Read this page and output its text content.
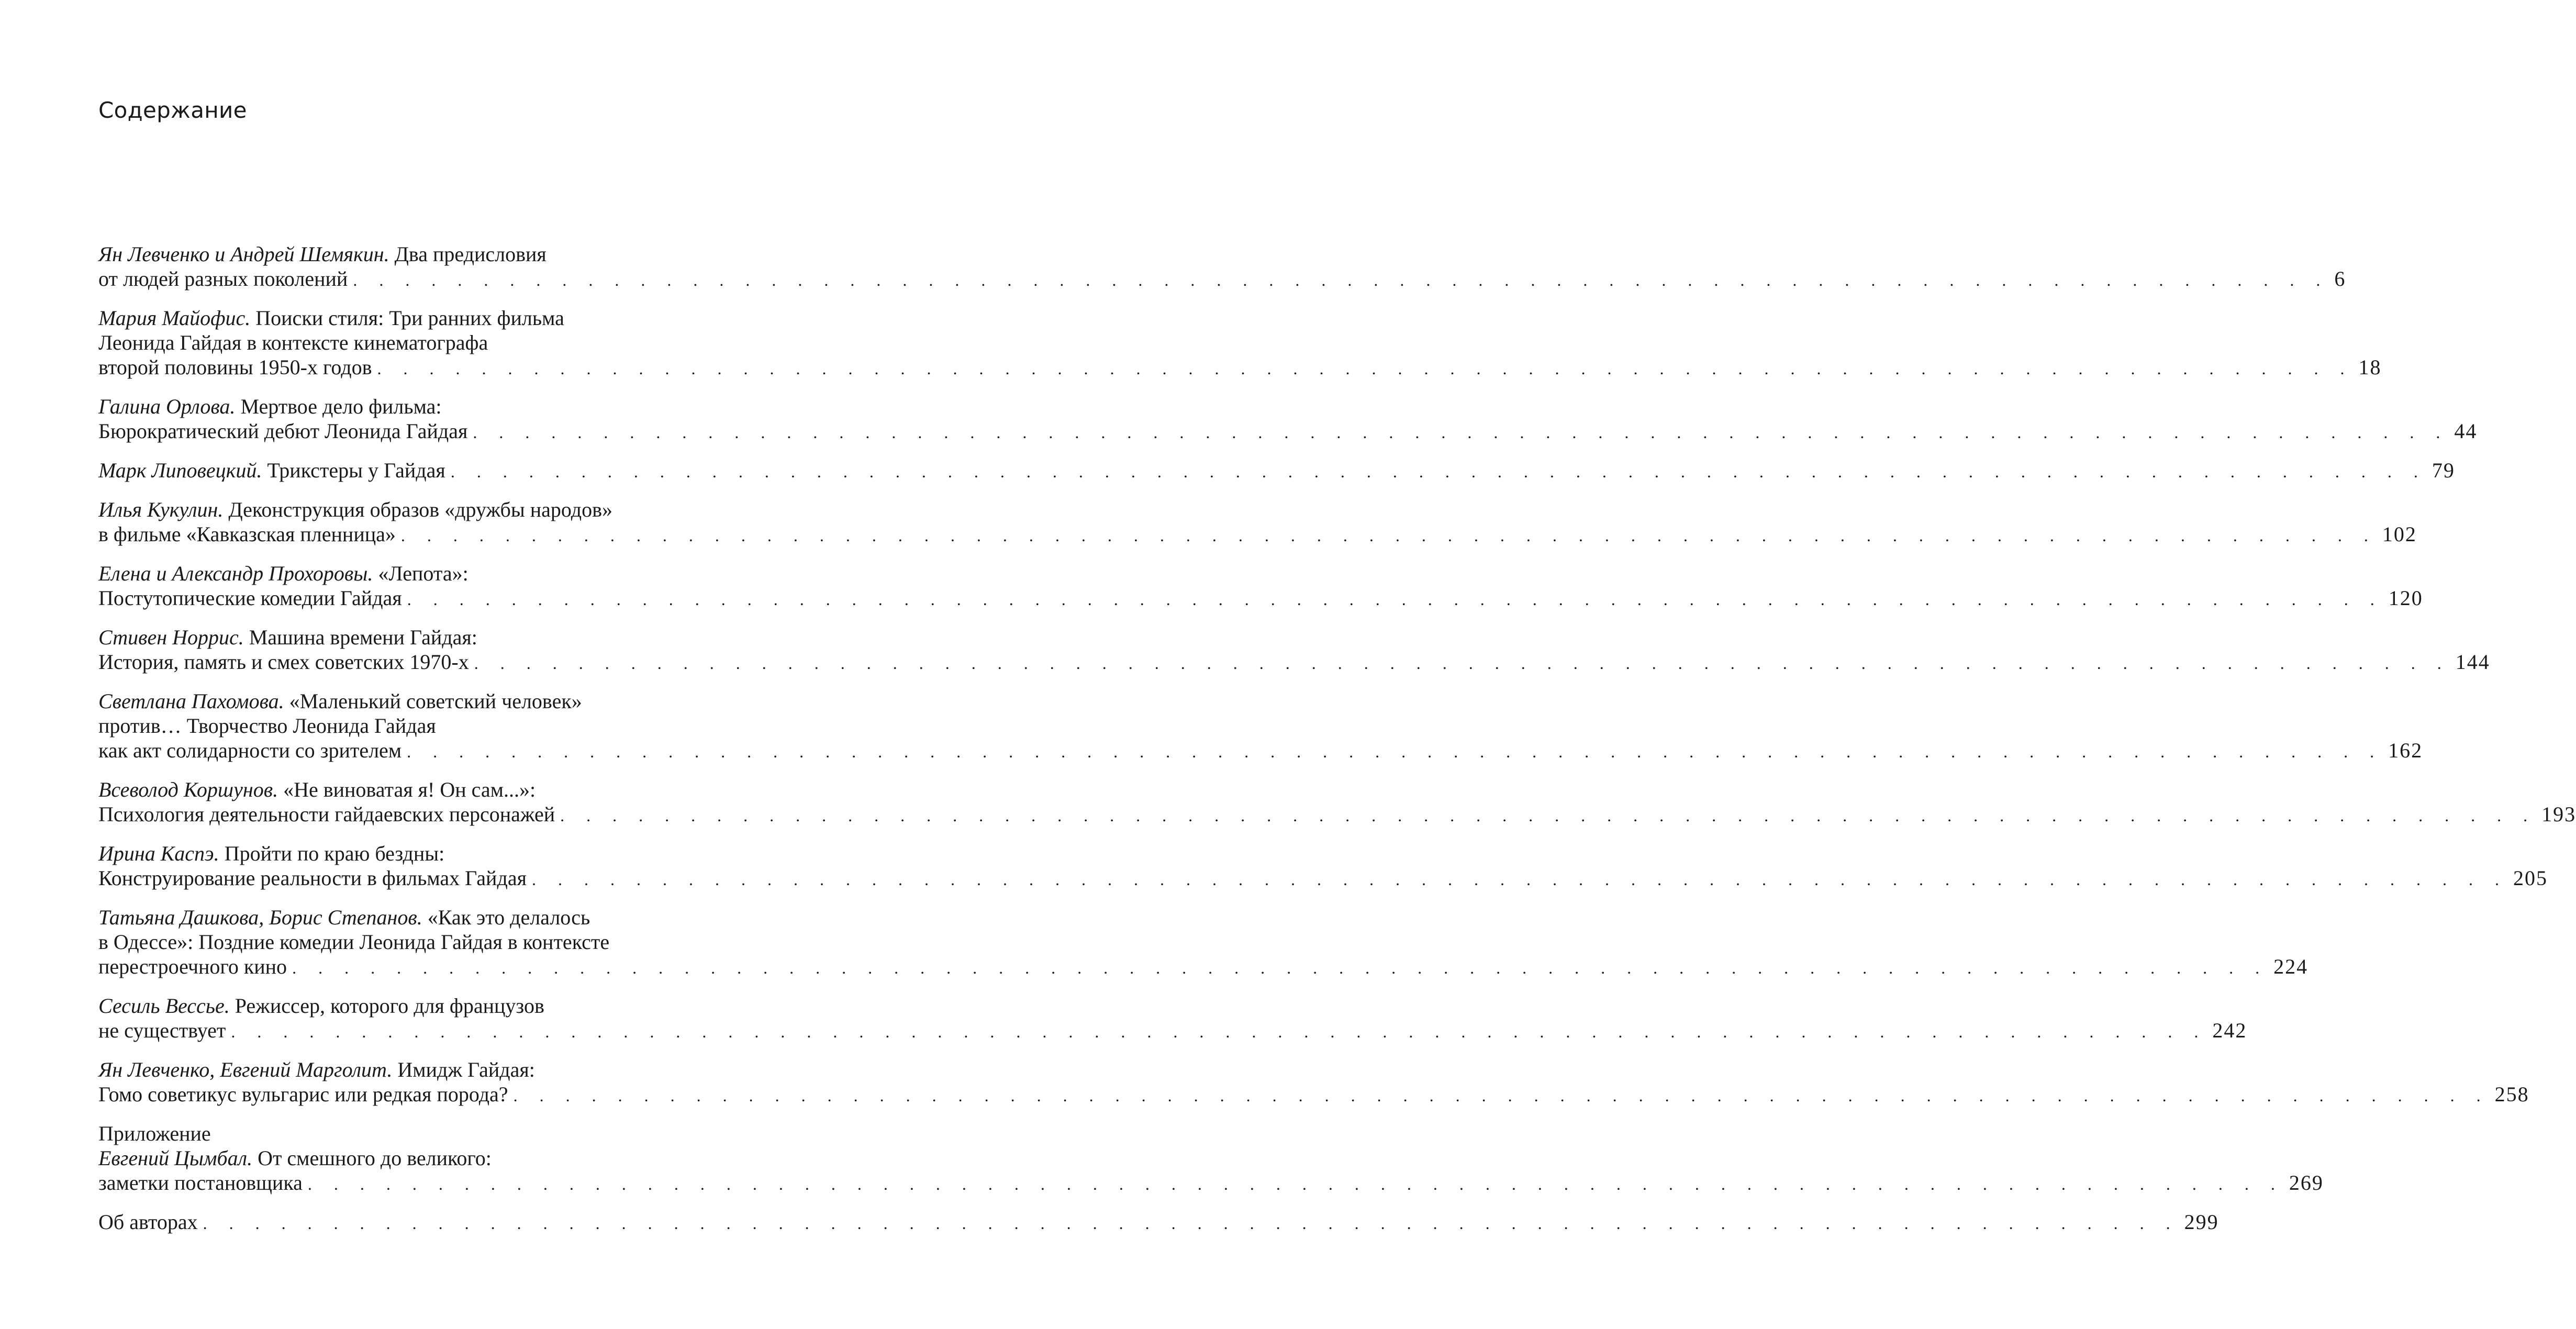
Содержание
Ян Левченко и Андрей Шемякин. Два предисловия
от людей разных поколений . . . . . . . . . . . . . . . . . . . . . . . . . . . . . . . . . . . . . . . . . . . . . . . . . . . . . . . . . . . . . . . . . . . . . . . . . . . . 6
Мария Майофис. Поиски стиля: Три ранних фильма
Леонида Гайдая в контексте кинематографа
второй половины 1950-х годов . . . . . . . . . . . . . . . . . . . . . . . . . . . . . . . . . . . . . . . . . . . . . . . . . . . . . . . . . . . . . . . . . . . . . . . . . . . . 18
Галина Орлова. Мертвое дело фильма:
Бюрократический дебют Леонида Гайдая . . . . . . . . . . . . . . . . . . . . . . . . . . . . . . . . . . . . . . . . . . . . . . . . . . . . . . . . . . . . . . . . . . . . . . . . . . . . 44
Марк Липовецкий. Трикстеры у Гайдая . . . . . . . . . . . . . . . . . . . . . . . . . . . . . . . . . . . . . . . . . . . . . . . . . . . . . . . . . . . . . . . . . . . . . . . . . . . . 79
Илья Кукулин. Деконструкция образов «дружбы народов»
в фильме «Кавказская пленница» . . . . . . . . . . . . . . . . . . . . . . . . . . . . . . . . . . . . . . . . . . . . . . . . . . . . . . . . . . . . . . . . . . . . . . . . . . . . 102
Елена и Александр Прохоровы. «Лепота»:
Постутопические комедии Гайдая . . . . . . . . . . . . . . . . . . . . . . . . . . . . . . . . . . . . . . . . . . . . . . . . . . . . . . . . . . . . . . . . . . . . . . . . . . . . 120
Стивен Норрис. Машина времени Гайдая:
История, память и смех советских 1970-х . . . . . . . . . . . . . . . . . . . . . . . . . . . . . . . . . . . . . . . . . . . . . . . . . . . . . . . . . . . . . . . . . . . . . . . . . . . . 144
Светлана Пахомова. «Маленький советский человек»
против… Творчество Леонида Гайдая
как акт солидарности со зрителем . . . . . . . . . . . . . . . . . . . . . . . . . . . . . . . . . . . . . . . . . . . . . . . . . . . . . . . . . . . . . . . . . . . . . . . . . . . . 162
Всеволод Коршунов. «Не виноватая я! Он сам...»:
Психология деятельности гайдаевских персонажей . . . . . . . . . . . . . . . . . . . . . . . . . . . . . . . . . . . . . . . . . . . . . . . . . . . . . . . . . . . . . . . . . . . . . . . . . . . . 193
Ирина Каспэ. Пройти по краю бездны:
Конструирование реальности в фильмах Гайдая . . . . . . . . . . . . . . . . . . . . . . . . . . . . . . . . . . . . . . . . . . . . . . . . . . . . . . . . . . . . . . . . . . . . . . . . . . . . 205
Татьяна Дашкова, Борис Степанов. «Как это делалось
в Одессе»: Поздние комедии Леонида Гайдая в контексте
перестроечного кино . . . . . . . . . . . . . . . . . . . . . . . . . . . . . . . . . . . . . . . . . . . . . . . . . . . . . . . . . . . . . . . . . . . . . . . . . . . . 224
Сесиль Вессье. Режиссер, которого для французов
не существует . . . . . . . . . . . . . . . . . . . . . . . . . . . . . . . . . . . . . . . . . . . . . . . . . . . . . . . . . . . . . . . . . . . . . . . . . . . . 242
Ян Левченко, Евгений Марголит. Имидж Гайдая:
Гомо советикус вульгарис или редкая порода? . . . . . . . . . . . . . . . . . . . . . . . . . . . . . . . . . . . . . . . . . . . . . . . . . . . . . . . . . . . . . . . . . . . . . . . . . . . . 258
Приложение
Евгений Цымбал. От смешного до великого:
заметки постановщика . . . . . . . . . . . . . . . . . . . . . . . . . . . . . . . . . . . . . . . . . . . . . . . . . . . . . . . . . . . . . . . . . . . . . . . . . . . . 269
Об авторах . . . . . . . . . . . . . . . . . . . . . . . . . . . . . . . . . . . . . . . . . . . . . . . . . . . . . . . . . . . . . . . . . . . . . . . . . . . . 299
